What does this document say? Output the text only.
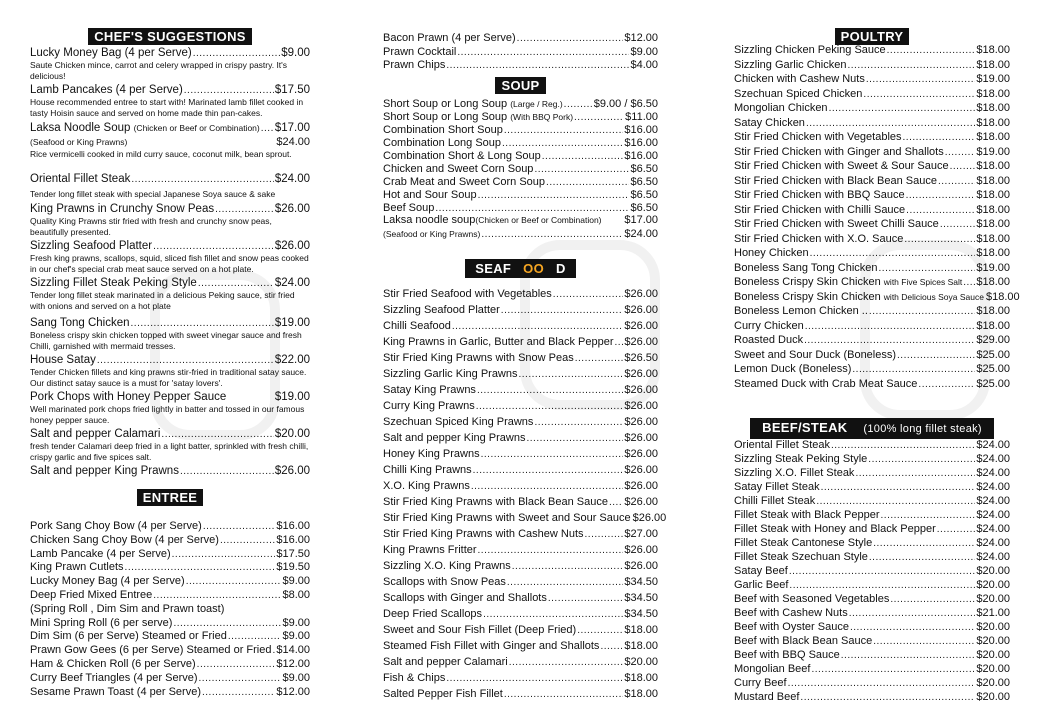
CHEF'S SUGGESTIONS
Lucky Money Bag (4 per Serve) .....	$9.00
Saute Chicken mince, carrot and celery wrapped in crispy pastry. It's delicious!
Lamb Pancakes (4 per Serve) .....	$17.50
House recommended entree to start with! Marinated lamb fillet cooked in tasty Hoisin sauce and served on home made thin pan-cakes.
Laksa Noodle Soup (Chicken or Beef or Combination) ..... $17.00
(Seafood or King Prawns)	$24.00
Rice vermicelli cooked in mild curry sauce, coconut milk, bean sprout.
Oriental Fillet Steak .....	$24.00
Tender long fillet steak with special Japanese Soya sauce & sake
King Prawns in Crunchy Snow Peas .....	$26.00
Quality King Prawns stir fried with fresh and crunchy snow peas, beautifully presented.
Sizzling Seafood Platter .....	$26.00
Fresh king prawns, scallops, squid, sliced fish fillet and snow peas cooked in our chef's special crab meat sauce served on a hot plate.
Sizzling Fillet Steak Peking Style .....	$24.00
Tender long fillet steak marinated in a delicious Peking sauce, stir fried with onions and served on a hot plate
Sang Tong Chicken .....	$19.00
Boneless crispy skin chicken topped with sweet vinegar sauce and fresh Chilli, garnished with mermaid tresses.
House Satay .....	$22.00
Tender Chicken fillets and king prawns stir-fried in traditional satay sauce. Our distinct satay sauce is a must for 'satay lovers'.
Pork Chops with Honey Pepper Sauce	$19.00
Well marinated pork chops fried lightly in batter and tossed in our famous honey pepper sauce.
Salt and pepper Calamari .....	$20.00
fresh tender Calamari deep fried in a light batter, sprinkled with fresh chilli, crispy garlic and five spices salt.
Salt and pepper King Prawns .....	$26.00
ENTREE
Pork Sang Choy Bow (4 per Serve) .....	$16.00
Chicken Sang Choy Bow (4 per Serve) .....	$16.00
Lamb Pancake (4 per Serve) .....	$17.50
King Prawn Cutlets .....	$19.50
Lucky Money Bag (4 per Serve) .....	$9.00
Deep Fried Mixed Entree .....	$8.00
(Spring Roll , Dim Sim and Prawn toast)
Mini Spring Roll (6 per serve) .....	$9.00
Dim Sim (6 per Serve) Steamed or Fried .....	$9.00
Prawn Gow Gees (6 per Serve) Steamed or Fried ..... $14.00
Ham & Chicken Roll (6 per Serve) .....	$12.00
Curry Beef Triangles (4 per Serve) .....	$9.00
Sesame Prawn Toast (4 per Serve) .....	$12.00
Bacon Prawn (4 per Serve) .....	$12.00
Prawn Cocktail .....	$9.00
Prawn Chips .....	$4.00
SOUP
Short Soup or Long Soup (Large / Reg.) .....	$9.00 / $6.50
Short Soup or Long Soup (With BBQ Pork) .....	$11.00
Combination Short Soup .....	$16.00
Combination Long Soup .....	$16.00
Combination Short & Long Soup .....	$16.00
Chicken and Sweet Corn Soup .....	$6.50
Crab Meat and Sweet Corn Soup .....	$6.50
Hot and Sour Soup .....	$6.50
Beef Soup .....	$6.50
Laksa noodle soup(Chicken or Beef or Combination) $17.00
(Seafood or King Prawns) .....	$24.00
SEAF OO D
Stir Fried Seafood with Vegetables .....	$26.00
Sizzling Seafood Platter .....	$26.00
Chilli Seafood .....	$26.00
King Prawns in Garlic, Butter and Black Pepper ..... $26.00
Stir Fried King Prawns with Snow Peas .....	$26.50
Sizzling Garlic King Prawns .....	$26.00
Satay King Prawns .....	$26.00
Curry King Prawns .....	$26.00
Szechuan Spiced King Prawns .....	$26.00
Salt and pepper King Prawns .....	$26.00
Honey King Prawns .....	$26.00
Chilli King Prawns .....	$26.00
X.O. King Prawns .....	$26.00
Stir Fried King Prawns with Black Bean Sauce ..... $26.00
Stir Fried King Prawns with Sweet and Sour Sauce $26.00
Stir Fried King Prawns with Cashew Nuts .....	$27.00
King Prawns Fritter .....	$26.00
Sizzling X.O. King Prawns .....	$26.00
Scallops with Snow Peas .....	$34.50
Scallops with Ginger and Shallots .....	$34.50
Deep Fried Scallops .....	$34.50
Sweet and Sour Fish Fillet (Deep Fried) .....	$18.00
Steamed Fish Fillet with Ginger and Shallots ..... $18.00
Salt and pepper Calamari .....	$20.00
Fish & Chips .....	$18.00
Salted Pepper Fish Fillet .....	$18.00
POULTRY
Sizzling Chicken Peking Sauce .....	$18.00
Sizzling Garlic Chicken .....	$18.00
Chicken with Cashew Nuts .....	$19.00
Szechuan Spiced Chicken .....	$18.00
Mongolian Chicken .....	$18.00
Satay Chicken .....	$18.00
Stir Fried Chicken with Vegetables .....	$18.00
Stir Fried Chicken with Ginger and Shallots .....	$19.00
Stir Fried Chicken with Sweet & Sour Sauce .....	$18.00
Stir Fried Chicken with Black Bean Sauce .....	$18.00
Stir Fried Chicken with BBQ Sauce .....	$18.00
Stir Fried Chicken with Chilli Sauce .....	$18.00
Stir Fried Chicken with Sweet Chilli Sauce .....	$18.00
Stir Fried Chicken with X.O. Sauce .....	$18.00
Honey Chicken .....	$18.00
Boneless Sang Tong Chicken .....	$19.00
Boneless Crispy Skin Chicken with Five Spices Salt ..... $18.00
Boneless Crispy Skin Chicken with Delicious Soya Sauce $18.00
Boneless Lemon Chicken .. .....	$18.00
Curry Chicken .....	$18.00
Roasted Duck .....	$29.00
Sweet and Sour Duck (Boneless) .....	$25.00
Lemon Duck (Boneless) .....	$25.00
Steamed Duck with Crab Meat Sauce .....	$25.00
BEEF/STEAK (100% long fillet steak)
Oriental Fillet Steak .....	$24.00
Sizzling Steak Peking Style .....	$24.00
Sizzling X.O. Fillet Steak .....	$24.00
Satay Fillet Steak .....	$24.00
Chilli Fillet Steak .....	$24.00
Fillet Steak with Black Pepper .....	$24.00
Fillet Steak with Honey and Black Pepper .....	$24.00
Fillet Steak Cantonese Style .....	$24.00
Fillet Steak Szechuan Style .....	$24.00
Satay Beef .....	$20.00
Garlic Beef .....	$20.00
Beef with Seasoned Vegetables .....	$20.00
Beef with Cashew Nuts .....	$21.00
Beef with Oyster Sauce .....	$20.00
Beef with Black Bean Sauce .....	$20.00
Beef with BBQ Sauce .....	$20.00
Mongolian Beef .....	$20.00
Curry Beef .....	$20.00
Mustard Beef .....	$20.00
